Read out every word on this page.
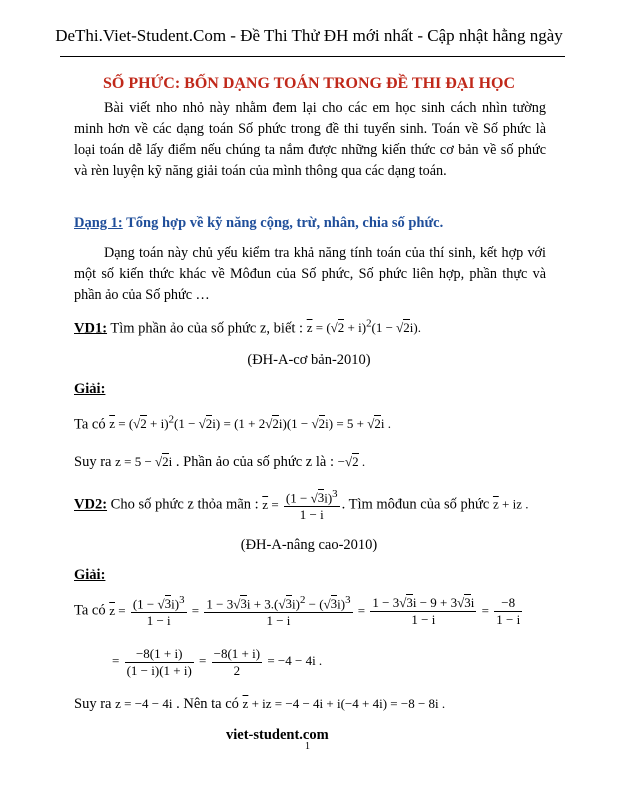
DeThi.Viet-Student.Com - Đề Thi Thử ĐH mới nhất - Cập nhật hằng ngày
SỐ PHỨC: BỐN DẠNG TOÁN TRONG ĐỀ THI ĐẠI HỌC
Bài viết nho nhỏ này nhằm đem lại cho các em học sinh cách nhìn tường minh hơn về các dạng toán Số phức trong đề thi tuyển sinh. Toán về Số phức là loại toán dễ lấy điểm nếu chúng ta nắm được những kiến thức cơ bản về số phức và rèn luyện kỹ năng giải toán của mình thông qua các dạng toán.
Dạng 1: Tổng hợp về kỹ năng cộng, trừ, nhân, chia số phức.
Dạng toán này chủ yếu kiểm tra khả năng tính toán của thí sinh, kết hợp với một số kiến thức khác về Môđun của Số phức, Số phức liên hợp, phần thực và phần ảo của Số phức …
VD1: Tìm phần ảo của số phức z, biết : $\overline{z} = (√2 + i)^2(1 - √2i)$.
(ĐH-A-cơ bản-2010)
Giải:
Ta có $\overline{z} = (√2 + i)^2(1 - √2i) = (1 + 2√2i)(1 - √2i) = 5 + √2i$ .
Suy ra z = 5 − √2i . Phần ảo của số phức z là : −√2 .
VD2: Cho số phức z thỏa mãn : $\overline{z} = \frac{(1 - √3i)^3}{1 - i}$ . Tìm môđun của số phức $\overline{z}$ + iz .
(ĐH-A-nâng cao-2010)
Giải:
Ta có $\overline{z} = \frac{(1 - √3i)^3}{1 - i} = \frac{1 - 3√3i + 3.(√3i)^2 - (√3i)^3}{1 - i} = \frac{1 - 3√3i - 9 + 3√3i}{1 - i} = \frac{-8}{1 - i}$
= $\frac{-8(1 + i)}{(1 - i)(1 + i)} = \frac{-8(1 + i)}{2} = -4 - 4i$ .
Suy ra z = −4 − 4i . Nên ta có $\overline{z}$ + iz = −4 − 4i + i(−4 + 4i) = −8 − 8i .
viet-student.com
1
